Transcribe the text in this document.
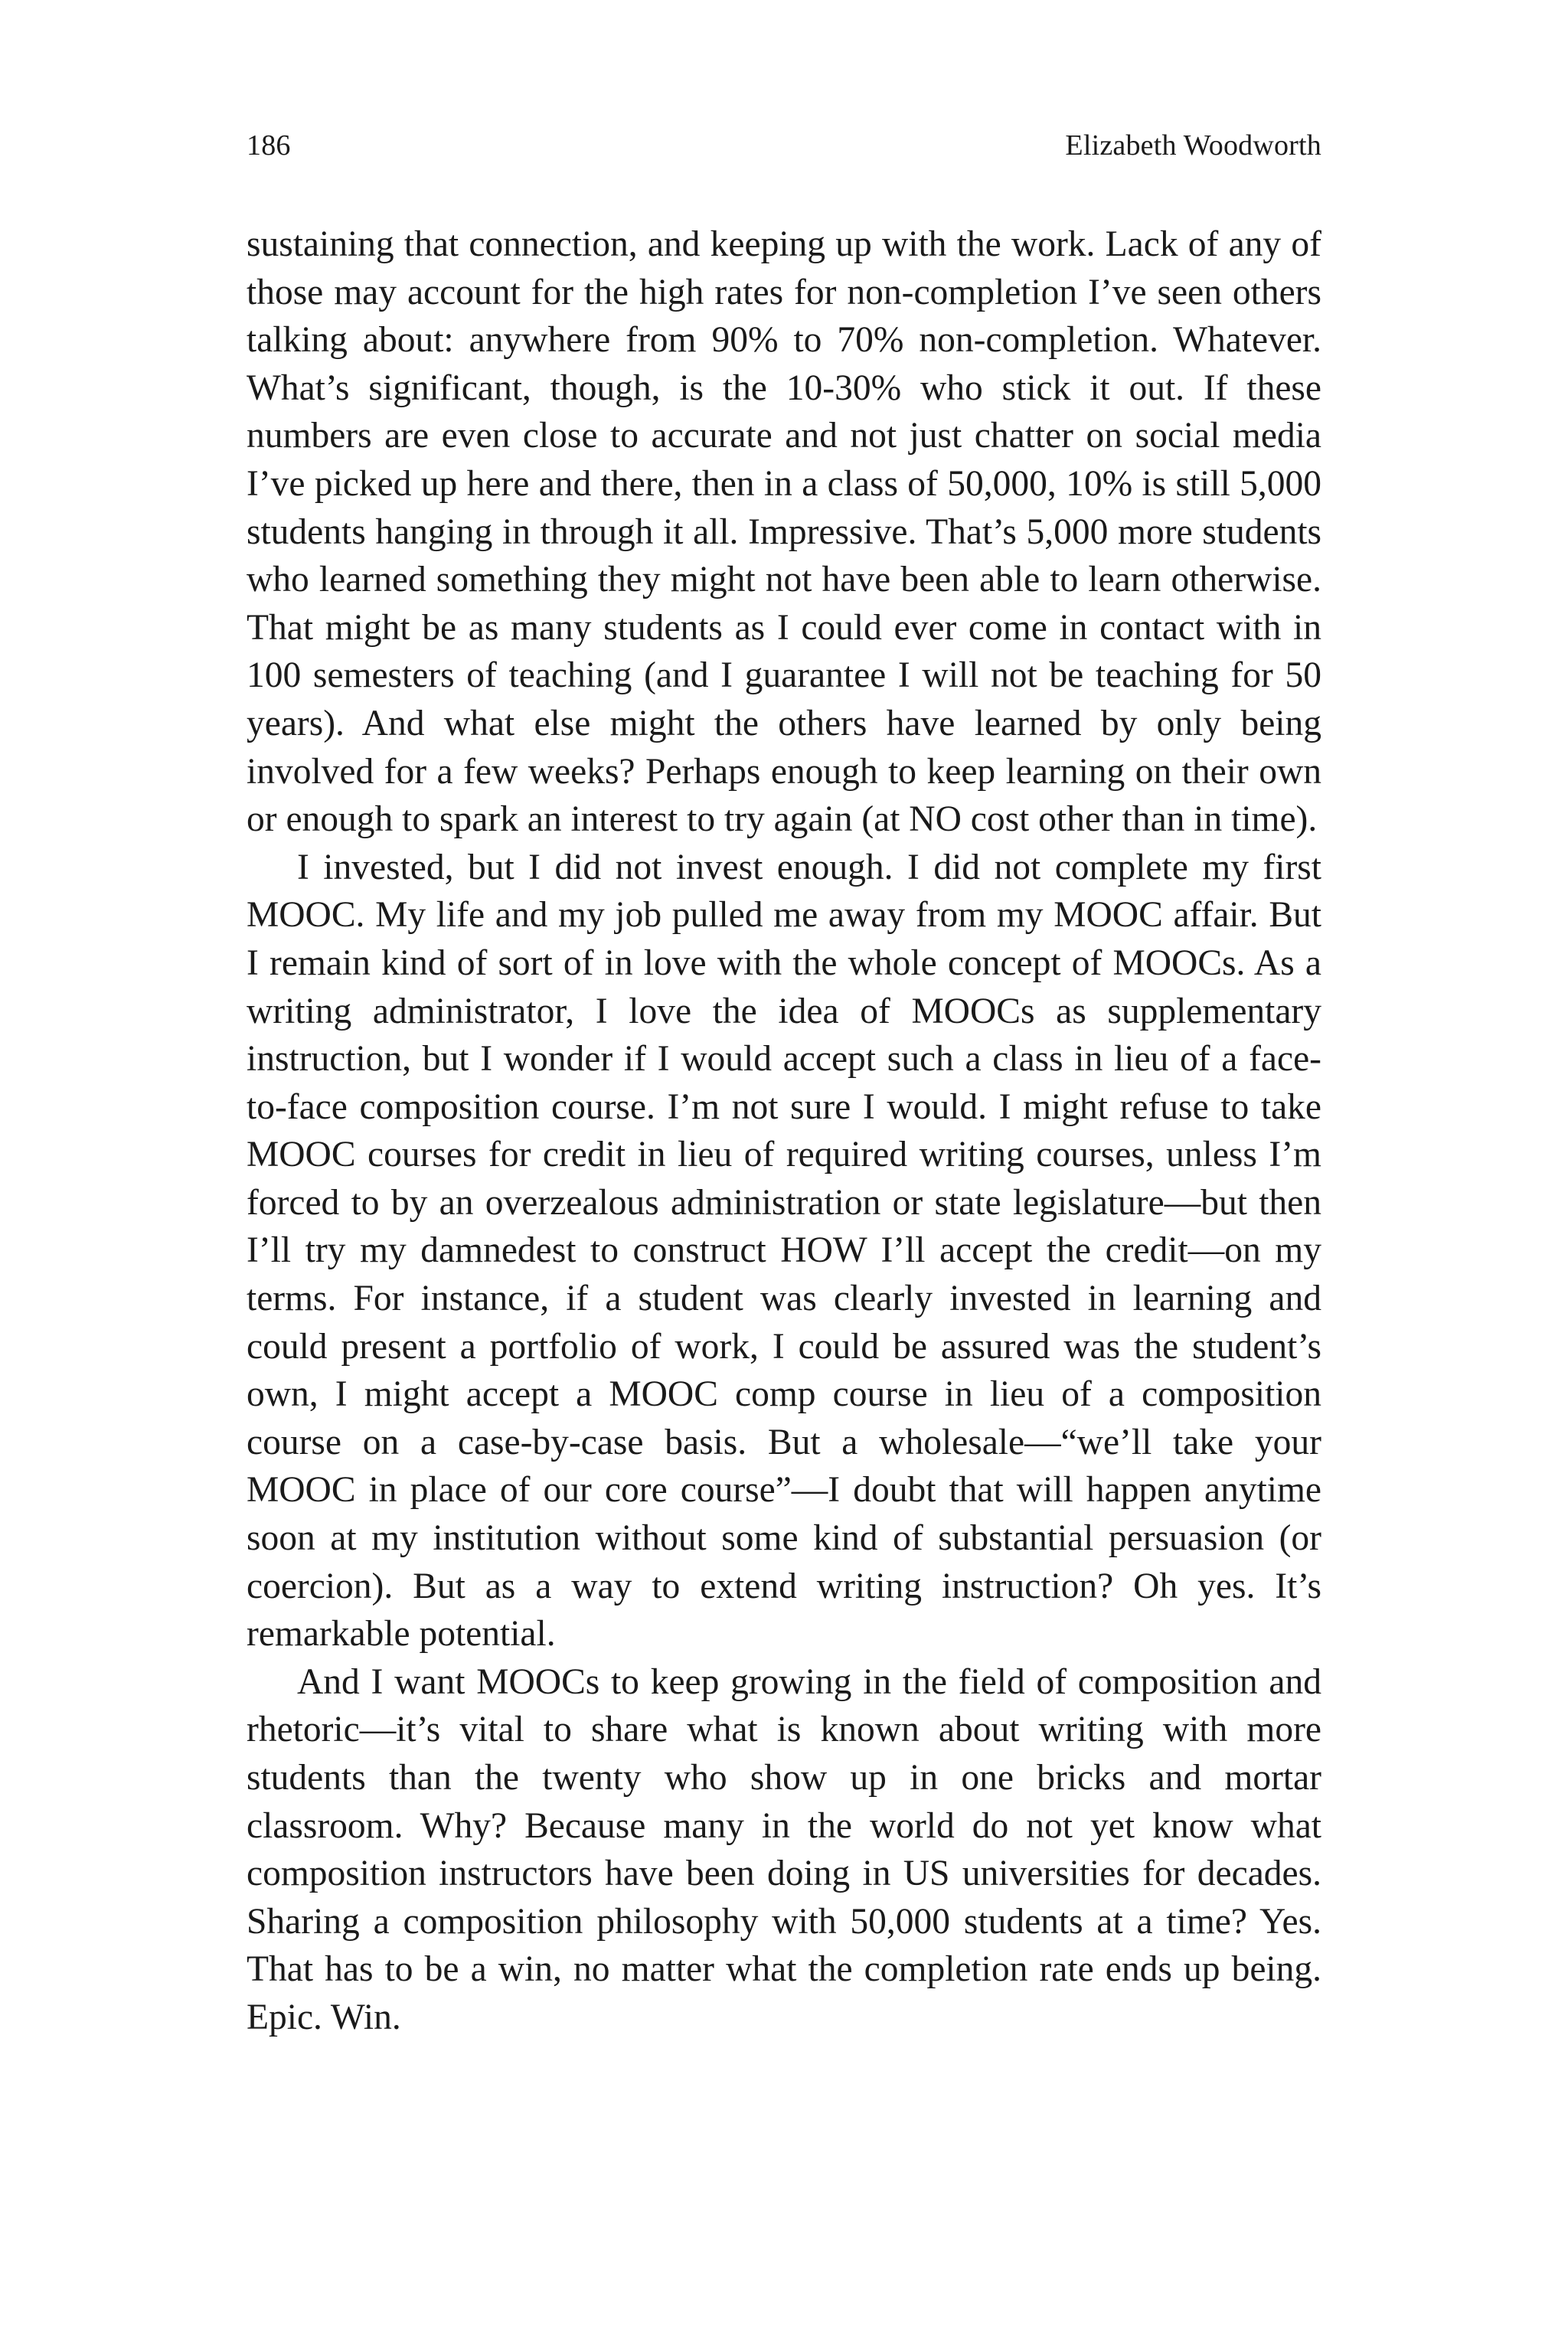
186	Elizabeth Woodworth

sustaining that connection, and keeping up with the work. Lack of any of those may account for the high rates for non-completion I’ve seen others talking about: anywhere from 90% to 70% non-completion. Whatever. What’s significant, though, is the 10-30% who stick it out. If these numbers are even close to accurate and not just chatter on social media I’ve picked up here and there, then in a class of 50,000, 10% is still 5,000 students hanging in through it all. Impressive. That’s 5,000 more students who learned something they might not have been able to learn otherwise. That might be as many students as I could ever come in contact with in 100 semesters of teaching (and I guarantee I will not be teaching for 50 years). And what else might the others have learned by only being involved for a few weeks? Perhaps enough to keep learning on their own or enough to spark an interest to try again (at NO cost other than in time).

I invested, but I did not invest enough. I did not complete my first MOOC. My life and my job pulled me away from my MOOC affair. But I remain kind of sort of in love with the whole concept of MOOCs. As a writing administrator, I love the idea of MOOCs as supplementary instruction, but I wonder if I would accept such a class in lieu of a face-to-face composition course. I’m not sure I would. I might refuse to take MOOC courses for credit in lieu of required writing courses, unless I’m forced to by an overzealous administration or state legislature—but then I’ll try my damnedest to construct HOW I’ll accept the credit—on my terms. For instance, if a student was clearly invested in learning and could present a portfolio of work, I could be assured was the student’s own, I might accept a MOOC comp course in lieu of a composition course on a case-by-case basis. But a wholesale—“we’ll take your MOOC in place of our core course”—I doubt that will happen anytime soon at my institution without some kind of substantial persuasion (or coercion). But as a way to extend writing instruction? Oh yes. It’s remarkable potential.

And I want MOOCs to keep growing in the field of composition and rhetoric—it’s vital to share what is known about writing with more students than the twenty who show up in one bricks and mortar classroom. Why? Because many in the world do not yet know what composition instructors have been doing in US universities for decades. Sharing a composition philosophy with 50,000 students at a time? Yes. That has to be a win, no matter what the completion rate ends up being. Epic. Win.
